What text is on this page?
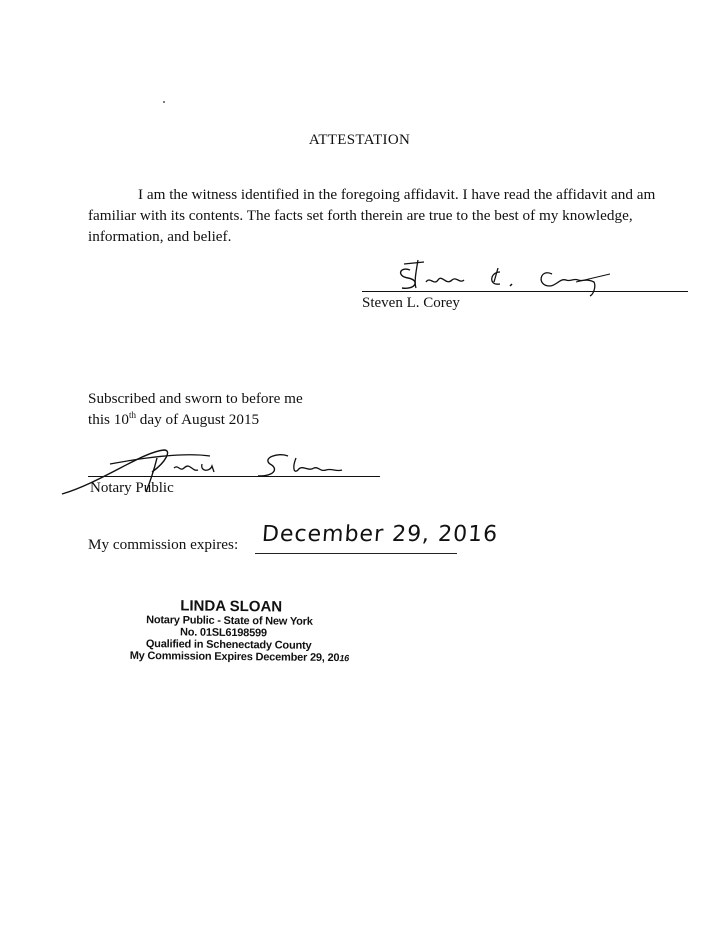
ATTESTATION

I am the witness identified in the foregoing affidavit. I have read the affidavit and am familiar with its contents. The facts set forth therein are true to the best of my knowledge, information, and belief.

Steven L. Corey
Subscribed and sworn to before me
this 10th day of August 2015
Notary Public
My commission expires: December 29, 2016
LINDA SLOAN
Notary Public - State of New York
No. 01SL6198599
Qualified in Schenectady County
My Commission Expires December 29, 2016
